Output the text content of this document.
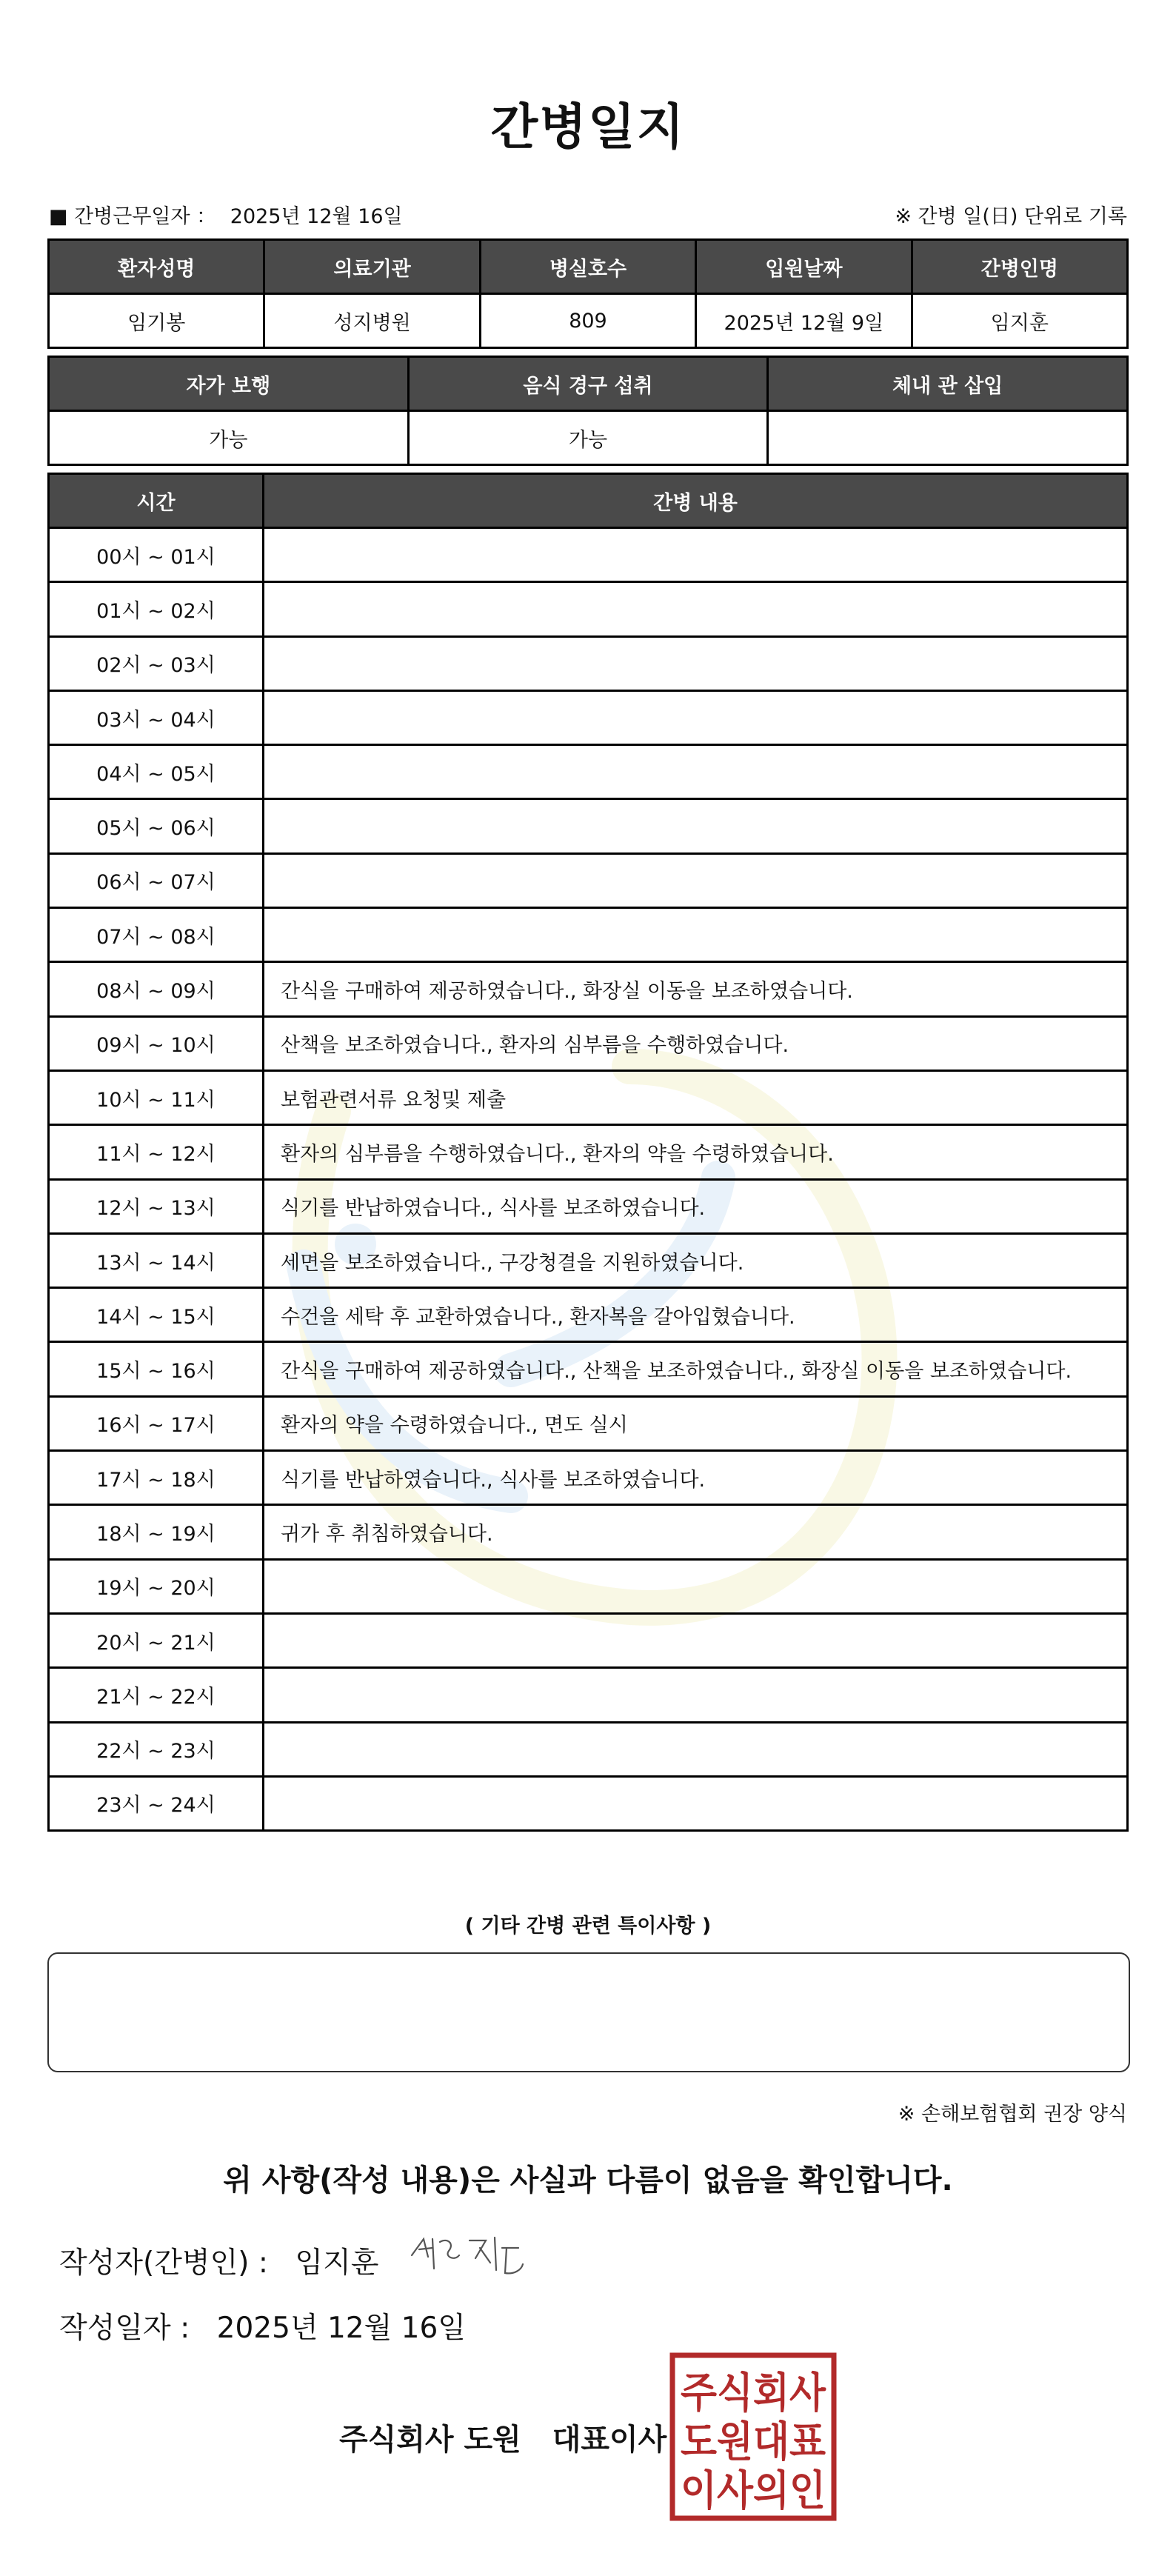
간병일지
■ 간병근무일자 ： 2025년 12월 16일	※ 간병 일(日) 단위로 기록
환자성명	의료기관	병실호수	입원날짜	간병인명
임기봉	성지병원	809	2025년 12월 9일	임지훈
자가 보행	음식 경구 섭취	체내 관 삽입
가능	가능	
시간	간병 내용
00시 ~ 01시	
01시 ~ 02시	
02시 ~ 03시	
03시 ~ 04시	
04시 ~ 05시	
05시 ~ 06시	
06시 ~ 07시	
07시 ~ 08시	
08시 ~ 09시	간식을 구매하여 제공하였습니다., 화장실 이동을 보조하였습니다.
09시 ~ 10시	산책을 보조하였습니다., 환자의 심부름을 수행하였습니다.
10시 ~ 11시	보험관련서류 요청및 제출
11시 ~ 12시	환자의 심부름을 수행하였습니다., 환자의 약을 수령하였습니다.
12시 ~ 13시	식기를 반납하였습니다., 식사를 보조하였습니다.
13시 ~ 14시	세면을 보조하였습니다., 구강청결을 지원하였습니다.
14시 ~ 15시	수건을 세탁 후 교환하였습니다., 환자복을 갈아입혔습니다.
15시 ~ 16시	간식을 구매하여 제공하였습니다., 산책을 보조하였습니다., 화장실 이동을 보조하였습니다.
16시 ~ 17시	환자의 약을 수령하였습니다., 면도 실시
17시 ~ 18시	식기를 반납하였습니다., 식사를 보조하였습니다.
18시 ~ 19시	귀가 후 취침하였습니다.
19시 ~ 20시	
20시 ~ 21시	
21시 ~ 22시	
22시 ~ 23시	
23시 ~ 24시	
( 기타 간병 관련 특이사항 )
※ 손해보험협회 권장 양식
위 사항(작성 내용)은 사실과 다름이 없음을 확인합니다.
작성자(간병인) : 임지훈
작성일자 : 2025년 12월 16일
주식회사 도원 대표이사
주식회사
도원대표
이사의인
